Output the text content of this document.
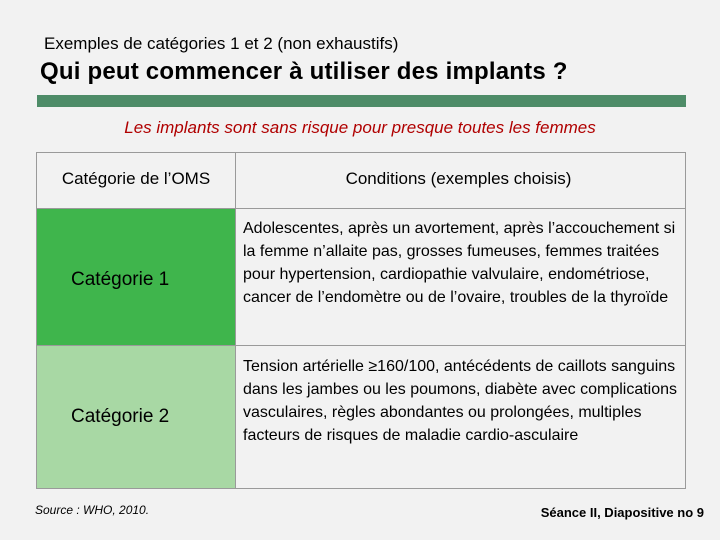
Exemples de catégories 1 et 2 (non exhaustifs)
Qui peut commencer à utiliser des implants ?
Les implants sont sans risque pour presque toutes les femmes
Catégorie de l’OMS	Conditions (exemples choisis)
Catégorie 1
Adolescentes, après un avortement, après l’accouchement si la femme n’allaite pas, grosses fumeuses, femmes traitées pour hypertension, cardiopathie valvulaire, endométriose, cancer de l’endomètre ou de l’ovaire, troubles de la thyroïde
Catégorie 2
Tension artérielle ≥160/100, antécédents de caillots sanguins dans les jambes ou les poumons, diabète avec complications vasculaires, règles abondantes ou prolongées, multiples facteurs de risques de maladie cardio-asculaire
Source : WHO, 2010.	Séance II, Diapositive no 9
